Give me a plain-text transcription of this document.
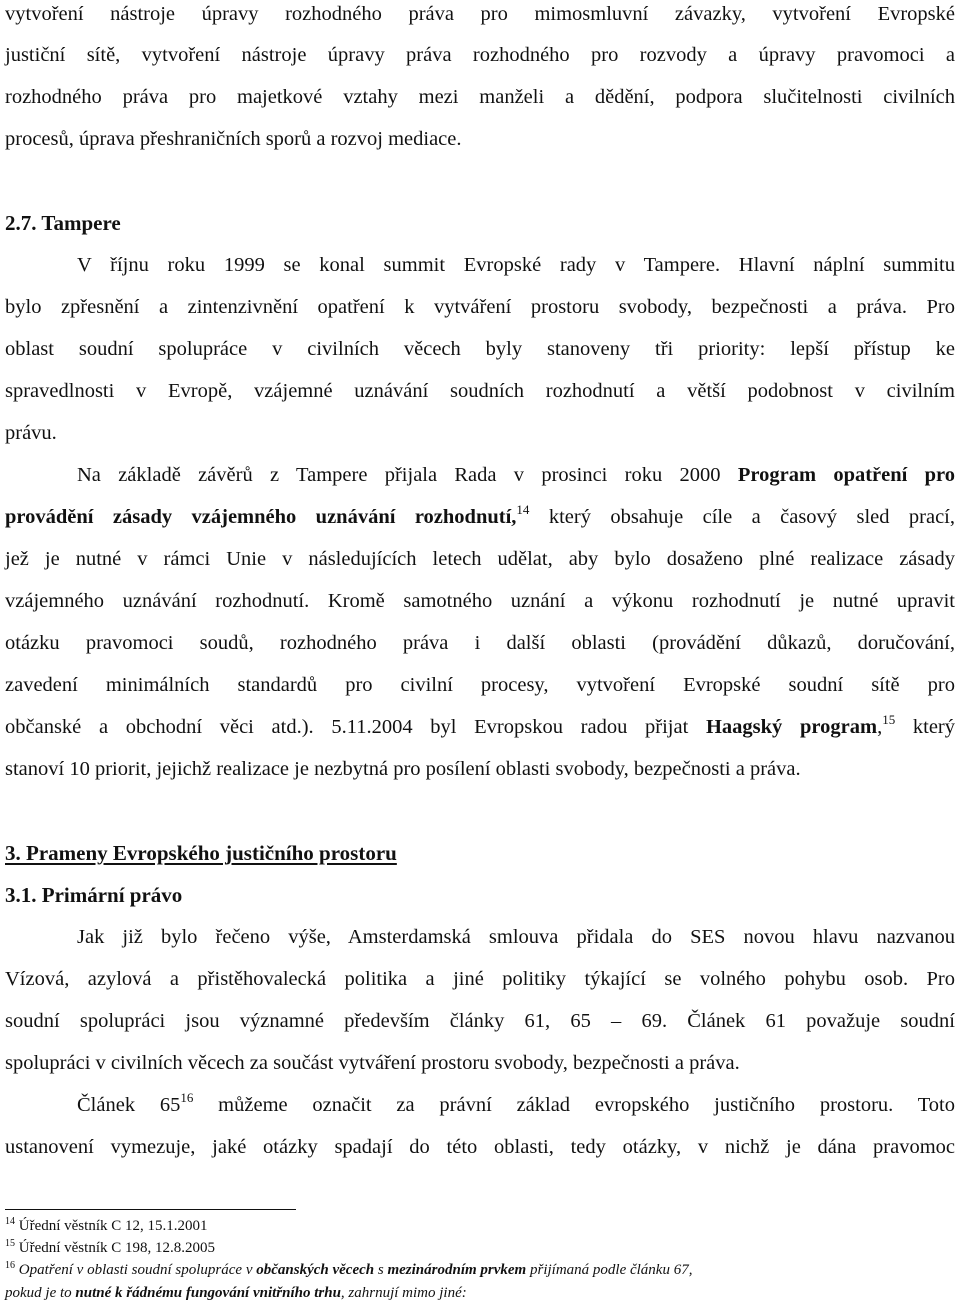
vytvoření nástroje úpravy rozhodného práva pro mimosmluvní závazky, vytvoření Evropské
justiční sítě, vytvoření nástroje úpravy práva rozhodného pro rozvody a úpravy pravomoci a
rozhodného práva pro majetkové vztahy mezi manželi a dědění, podpora slučitelnosti civilních
procesů, úprava přeshraničních sporů a rozvoj mediace.
2.7. Tampere
V říjnu roku 1999 se konal summit Evropské rady v Tampere. Hlavní náplní summitu
bylo zpřesnění a zintenzivnění opatření k vytváření prostoru svobody, bezpečnosti a práva. Pro
oblast soudní spolupráce v civilních věcech byly stanoveny tři priority: lepší přístup ke
spravedlnosti v Evropě, vzájemné uznávání soudních rozhodnutí a větší podobnost v civilním
právu.
Na základě závěrů z Tampere přijala Rada v prosinci roku 2000 Program opatření pro
provádění zásady vzájemného uznávání rozhodnutí,$^{14}$ který obsahuje cíle a časový sled prací,
jež je nutné v rámci Unie v následujících letech udělat, aby bylo dosaženo plné realizace zásady
vzájemného uznávání rozhodnutí. Kromě samotného uznání a výkonu rozhodnutí je nutné upravit
otázku pravomoci soudů, rozhodného práva i další oblasti (provádění důkazů, doručování,
zavedení minimálních standardů pro civilní procesy, vytvoření Evropské soudní sítě pro
občanské a obchodní věci atd.). 5.11.2004 byl Evropskou radou přijat Haagský program,$^{15}$ který
stanoví 10 priorit, jejichž realizace je nezbytná pro posílení oblasti svobody, bezpečnosti a práva.
3. Prameny Evropského justičního prostoru
3.1. Primární právo
Jak již bylo řečeno výše, Amsterdamská smlouva přidala do SES novou hlavu nazvanou
Vízová, azylová a přistěhovalecká politika a jiné politiky týkající se volného pohybu osob. Pro
soudní spolupráci jsou významné především články 61, 65 – 69. Článek 61 považuje soudní
spolupráci v civilních věcech za součást vytváření prostoru svobody, bezpečnosti a práva.
Článek $65^{16}$ můžeme označit za právní základ evropského justičního prostoru. Toto
ustanovení vymezuje, jaké otázky spadají do této oblasti, tedy otázky, v nichž je dána pravomoc
$^{14}$ Úřední věstník C 12, 15.1.2001
$^{15}$ Úřední věstník C 198, 12.8.2005
$^{16}$ Opatření v oblasti soudní spolupráce v občanských věcech s mezinárodním prvkem přijímaná podle článku 67,
pokud je to nutné k řádnému fungování vnitřního trhu, zahrnují mimo jiné:
